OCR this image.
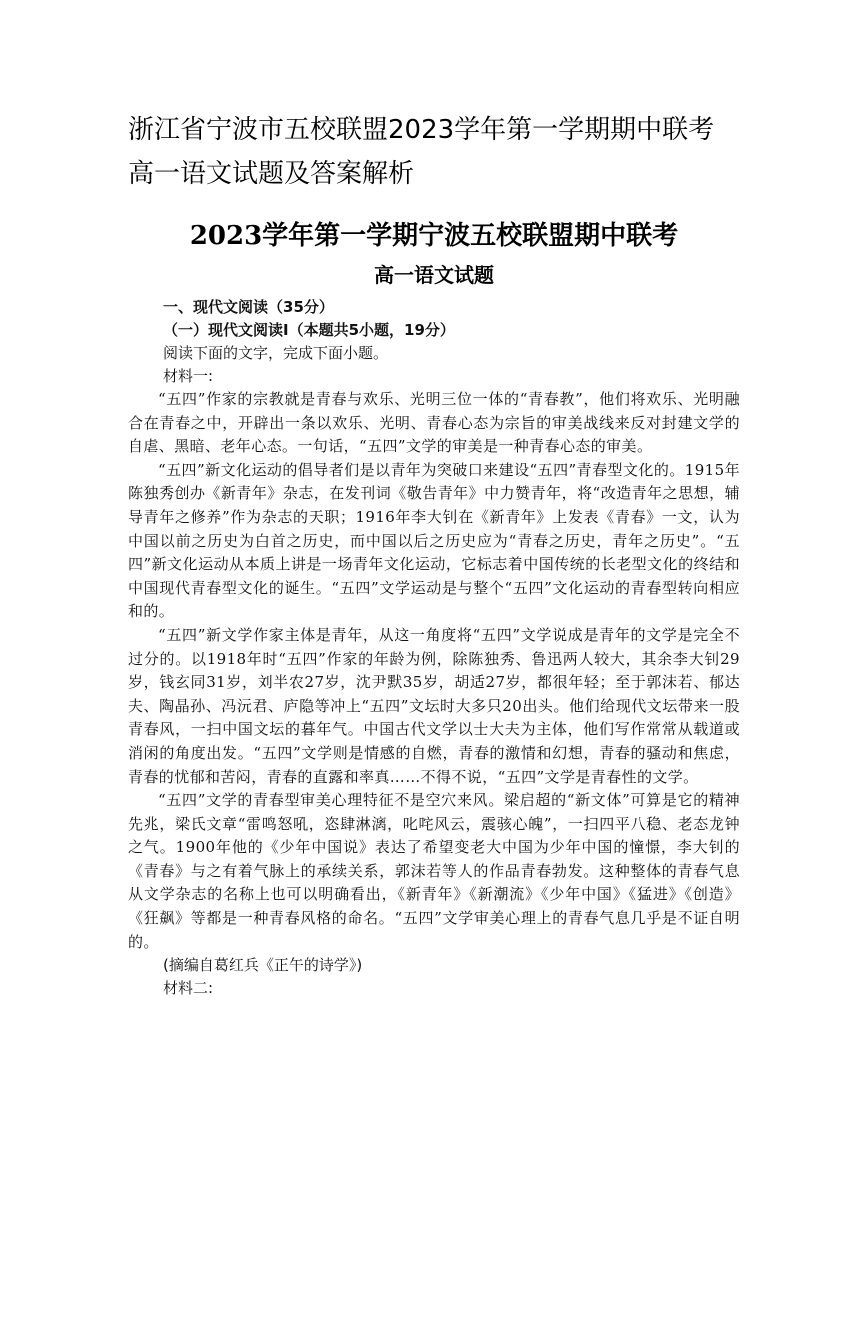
浙江省宁波市五校联盟2023学年第一学期期中联考高一语文试题及答案解析
2023学年第一学期宁波五校联盟期中联考
高一语文试题

一、现代文阅读（35分）

（一）现代文阅读I（本题共5小题，19分）

阅读下面的文字，完成下面小题。

材料一:

“五四”作家的宗教就是青春与欢乐、光明三位一体的“青春教”，他们将欢乐、光明融合在青春之中，开辟出一条以欢乐、光明、青春心态为宗旨的审美战线来反对封建文学的自虐、黑暗、老年心态。一句话，“五四”文学的审美是一种青春心态的审美。

“五四”新文化运动的倡导者们是以青年为突破口来建设“五四”青春型文化的。1915年陈独秀创办《新青年》杂志，在发刊词《敬告青年》中力赞青年，将“改造青年之思想，辅导青年之修养”作为杂志的天职；1916年李大钊在《新青年》上发表《青春》一文，认为中国以前之历史为白首之历史，而中国以后之历史应为“青春之历史，青年之历史”。“五四”新文化运动从本质上讲是一场青年文化运动，它标志着中国传统的长老型文化的终结和中国现代青春型文化的诞生。“五四”文学运动是与整个“五四”文化运动的青春型转向相应和的。

“五四”新文学作家主体是青年，从这一角度将“五四”文学说成是青年的文学是完全不过分的。以1918年时“五四”作家的年龄为例，除陈独秀、鲁迅两人较大，其余李大钊29岁，钱玄同31岁，刘半农27岁，沈尹默35岁，胡适27岁，都很年轻；至于郭沫若、郁达夫、陶晶孙、冯沅君、庐隐等冲上“五四”文坛时大多只20出头。他们给现代文坛带来一股青春风，一扫中国文坛的暮年气。中国古代文学以士大夫为主体，他们写作常常从载道或消闲的角度出发。“五四”文学则是情感的自燃，青春的激情和幻想，青春的骚动和焦虑，青春的忧郁和苦闷，青春的直露和率真……不得不说，“五四”文学是青春性的文学。

“五四”文学的青春型审美心理特征不是空穴来风。梁启超的“新文体”可算是它的精神先兆，梁氏文章“雷鸣怒吼，恣肆淋漓，叱咤风云，震骇心魄”，一扫四平八稳、老态龙钟之气。1900年他的《少年中国说》表达了希望变老大中国为少年中国的憧憬，李大钊的《青春》与之有着气脉上的承续关系，郭沫若等人的作品青春勃发。这种整体的青春气息从文学杂志的名称上也可以明确看出，《新青年》《新潮流》《少年中国》《猛进》《创造》《狂飙》等都是一种青春风格的命名。“五四”文学审美心理上的青春气息几乎是不证自明的。

(摘编自葛红兵《正午的诗学》)

材料二:
